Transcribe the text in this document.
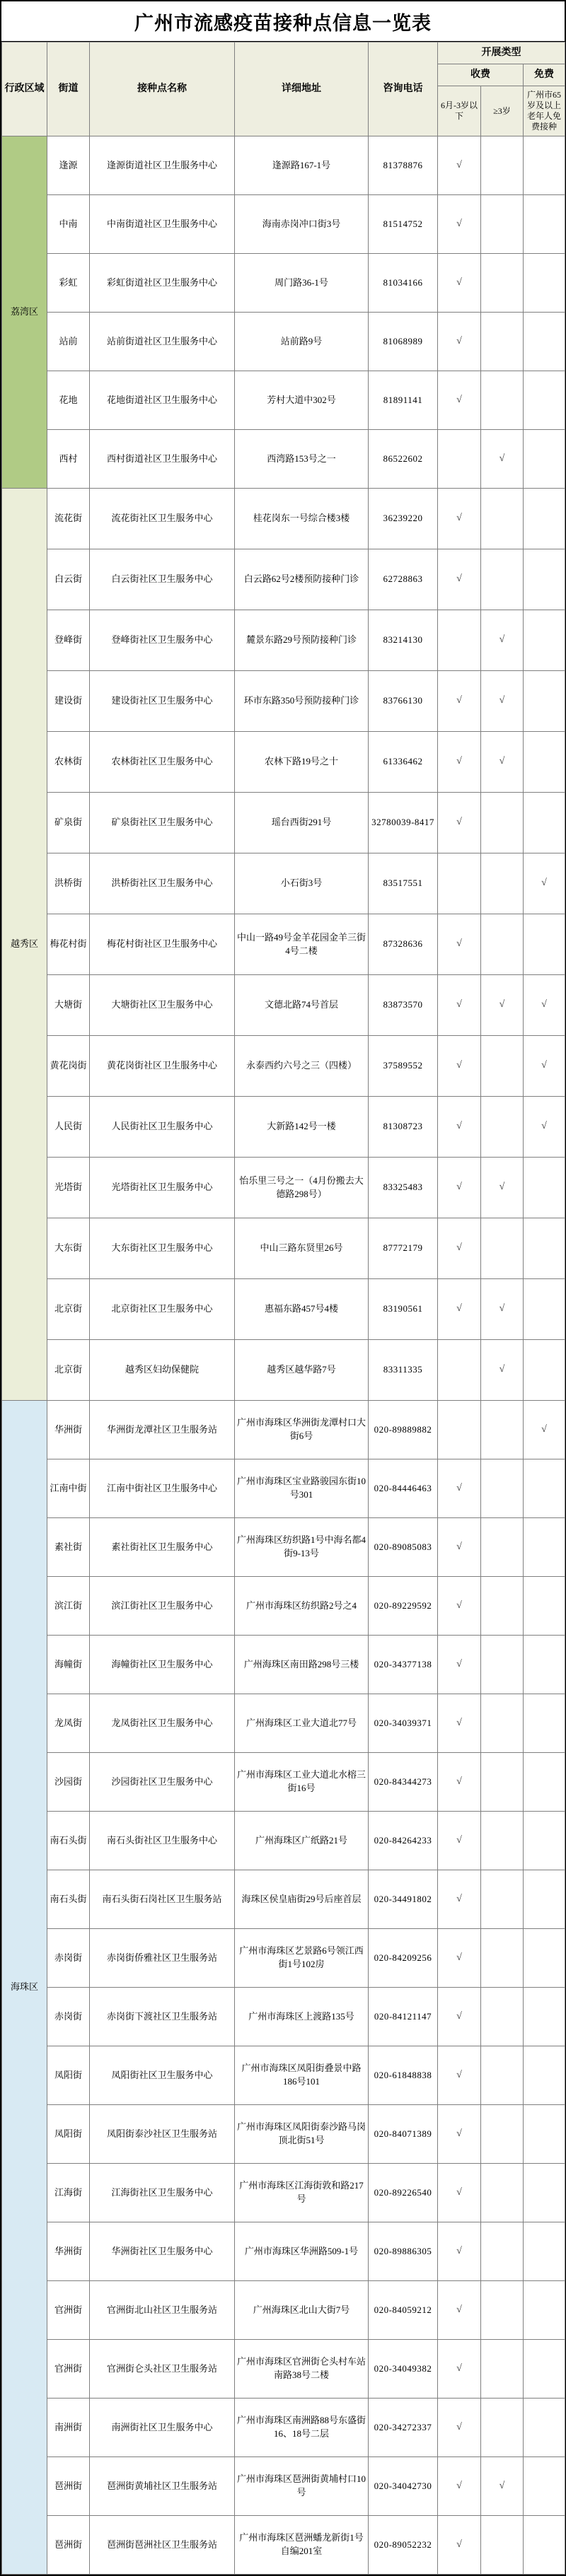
广州市流感疫苗接种点信息一览表
行政区域	街道	接种点名称	详细地址	咨询电话	开展类型		
					收费		免费
					6月-3岁以下	≥3岁	广州市65岁及以上老年人免费接种
荔湾区	逢源	逢源街道社区卫生服务中心	逢源路167-1号	81378876	√		
	中南	中南街道社区卫生服务中心	海南赤岗冲口街3号	81514752	√		
	彩虹	彩虹街道社区卫生服务中心	周门路36-1号	81034166	√		
	站前	站前街道社区卫生服务中心	站前路9号	81068989	√		
	花地	花地街道社区卫生服务中心	芳村大道中302号	81891141	√		
	西村	西村街道社区卫生服务中心	西湾路153号之一	86522602		√	
越秀区	流花街	流花街社区卫生服务中心	桂花岗东一号综合楼3楼	36239220	√		
	白云街	白云街社区卫生服务中心	白云路62号2楼预防接种门诊	62728863	√		
	登峰街	登峰街社区卫生服务中心	麓景东路29号预防接种门诊	83214130		√	
	建设街	建设街社区卫生服务中心	环市东路350号预防接种门诊	83766130	√	√	
	农林街	农林街社区卫生服务中心	农林下路19号之十	61336462	√	√	
	矿泉街	矿泉街社区卫生服务中心	瑶台西街291号	32780039-8417	√		
	洪桥街	洪桥街社区卫生服务中心	小石街3号	83517551			√
	梅花村街	梅花村街社区卫生服务中心	中山一路49号金羊花园金羊三街4号二楼	87328636	√		
	大塘街	大塘街社区卫生服务中心	文德北路74号首层	83873570	√	√	√
	黄花岗街	黄花岗街社区卫生服务中心	永泰西约六号之三（四楼）	37589552	√		√
	人民街	人民街社区卫生服务中心	大新路142号一楼	81308723	√		√
	光塔街	光塔街社区卫生服务中心	怡乐里三号之一（4月份搬去大德路298号）	83325483	√	√	
	大东街	大东街社区卫生服务中心	中山三路东贤里26号	87772179	√		
	北京街	北京街社区卫生服务中心	惠福东路457号4楼	83190561	√	√	
	北京街	越秀区妇幼保健院	越秀区越华路7号	83311335		√	
海珠区	华洲街	华洲街龙潭社区卫生服务站	广州市海珠区华洲街龙潭村口大街6号	020-89889882			√
	江南中街	江南中街社区卫生服务中心	广州市海珠区宝业路骏园东街10号301	020-84446463	√		
	素社街	素社街社区卫生服务中心	广州海珠区纺织路1号中海名都4街9-13号	020-89085083	√		
	滨江街	滨江街社区卫生服务中心	广州市海珠区纺织路2号之4	020-89229592	√		
	海幢街	海幢街社区卫生服务中心	广州海珠区南田路298号三楼	020-34377138	√		
	龙凤街	龙凤街社区卫生服务中心	广州海珠区工业大道北77号	020-34039371	√		
	沙园街	沙园街社区卫生服务中心	广州市海珠区工业大道北水榕三街16号	020-84344273	√		
	南石头街	南石头街社区卫生服务中心	广州海珠区广纸路21号	020-84264233	√		
	南石头街	南石头街石岗社区卫生服务站	海珠区侯皇庙街29号后座首层	020-34491802	√		
	赤岗街	赤岗街侨雅社区卫生服务站	广州市海珠区艺景路6号领江西街1号102房	020-84209256	√		
	赤岗街	赤岗街下渡社区卫生服务站	广州市海珠区上渡路135号	020-84121147	√		
	凤阳街	凤阳街社区卫生服务中心	广州市海珠区凤阳街叠景中路186号101	020-61848838	√		
	凤阳街	凤阳街泰沙社区卫生服务站	广州市海珠区凤阳街泰沙路马岗顶北街51号	020-84071389	√		
	江海街	江海街社区卫生服务中心	广州市海珠区江海街敦和路217号	020-89226540	√		
	华洲街	华洲街社区卫生服务中心	广州市海珠区华洲路509-1号	020-89886305	√		
	官洲街	官洲街北山社区卫生服务站	广州海珠区北山大街7号	020-84059212	√		
	官洲街	官洲街仑头社区卫生服务站	广州市海珠区官洲街仑头村车站南路38号二楼	020-34049382	√		
	南洲街	南洲街社区卫生服务中心	广州市海珠区南洲路88号东盛街16、18号二层	020-34272337	√		
	琶洲街	琶洲街黄埔社区卫生服务站	广州市海珠区琶洲街黄埔村口10号	020-34042730	√	√	
	琶洲街	琶洲街琶洲社区卫生服务站	广州市海珠区琶洲蟠龙新街1号自编201室	020-89052232	√		
